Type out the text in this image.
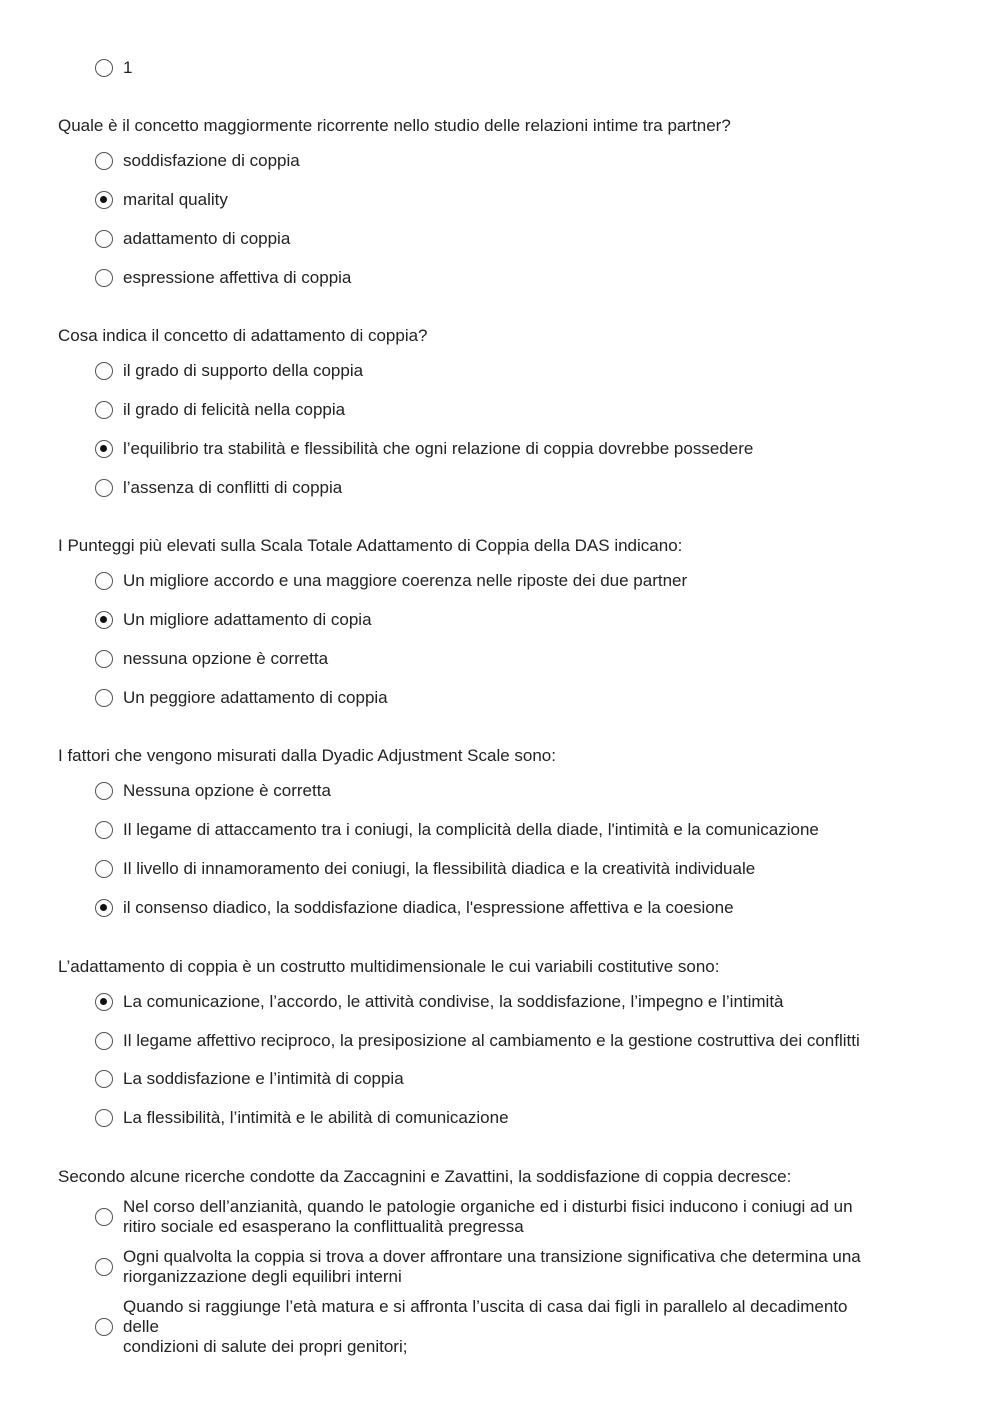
1
Quale è il concetto maggiormente ricorrente nello studio delle relazioni intime tra partner?
soddisfazione di coppia
marital quality
adattamento di coppia
espressione affettiva di coppia
Cosa indica il concetto di adattamento di coppia?
il grado di supporto della coppia
il grado di felicità nella coppia
l’equilibrio tra stabilità e flessibilità che ogni relazione di coppia dovrebbe possedere
l’assenza di conflitti di coppia
I Punteggi più elevati sulla Scala Totale Adattamento di Coppia della DAS indicano:
Un migliore accordo e una maggiore coerenza nelle riposte dei due partner
Un migliore adattamento di copia
nessuna opzione è corretta
Un peggiore adattamento di coppia
I fattori che vengono misurati dalla Dyadic Adjustment Scale sono:
Nessuna opzione è corretta
Il legame di attaccamento tra i coniugi, la complicità della diade, l'intimità e la comunicazione
Il livello di innamoramento dei coniugi, la flessibilità diadica e la creatività individuale
il consenso diadico, la soddisfazione diadica, l'espressione affettiva e la coesione
L’adattamento di coppia è un costrutto multidimensionale le cui variabili costitutive sono:
La comunicazione, l’accordo, le attività condivise, la soddisfazione, l’impegno e l’intimità
Il legame affettivo reciproco, la presiposizione al cambiamento e la gestione costruttiva dei conflitti
La soddisfazione e l’intimità di coppia
La flessibilità, l’intimità e le abilità di comunicazione
Secondo alcune ricerche condotte da Zaccagnini e Zavattini, la soddisfazione di coppia decresce:
Nel corso dell’anzianità, quando le patologie organiche ed i disturbi fisici inducono i coniugi ad un
ritiro sociale ed esasperano la conflittualità pregressa
Ogni qualvolta la coppia si trova a dover affrontare una transizione significativa che determina una
riorganizzazione degli equilibri interni
Quando si raggiunge l’età matura e si affronta l’uscita di casa dai figli in parallelo al decadimento
delle
condizioni di salute dei propri genitori;
